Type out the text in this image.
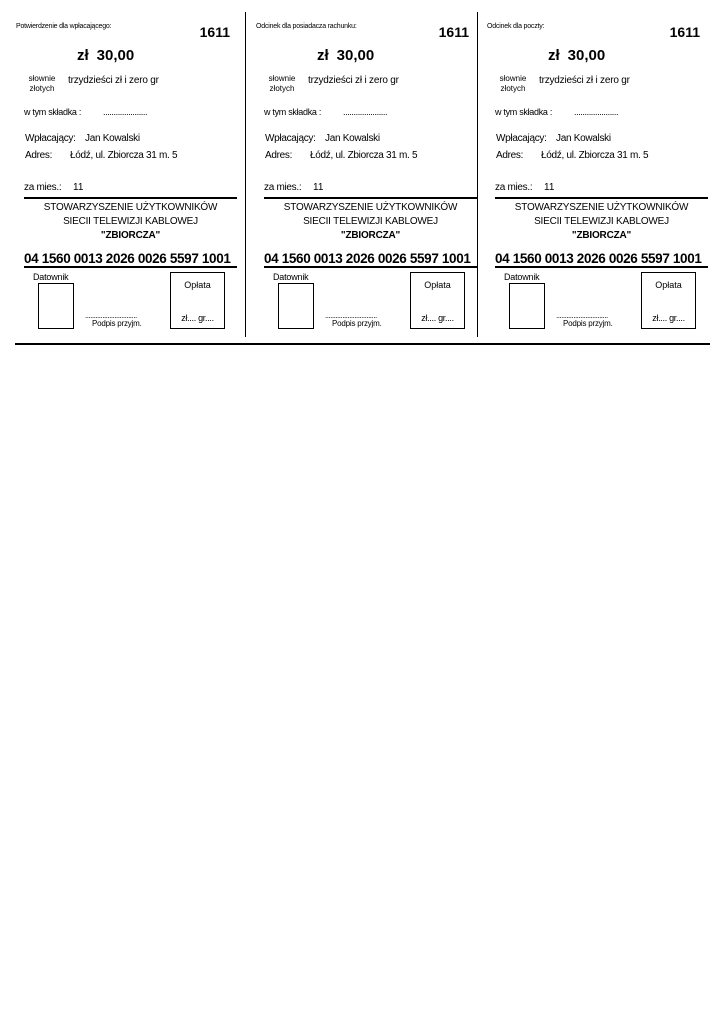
Potwierdzenie dla wpłacającego:	1611
zł 30,00
słownie złotych
trzydzieści zł i zero gr
w tym składka : .....................
Wpłacający: Jan Kowalski
Adres: Łódź, ul. Zbiorcza 31 m. 5
za mies.: 11
STOWARZYSZENIE UŻYTKOWNIKÓW
SIECII TELEWIZJI KABLOWEJ
"ZBIORCZA"
04 1560 0013 2026 0026 5597 1001
Datownik
..............................
Podpis przyjm.
Opłata
zł.... gr....
Odcinek dla posiadacza rachunku:	1611
zł 30,00
słownie złotych
trzydzieści zł i zero gr
w tym składka : .....................
Wpłacający: Jan Kowalski
Adres: Łódź, ul. Zbiorcza 31 m. 5
za mies.: 11
STOWARZYSZENIE UŻYTKOWNIKÓW
SIECII TELEWIZJI KABLOWEJ
"ZBIORCZA"
04 1560 0013 2026 0026 5597 1001
Datownik
..............................
Podpis przyjm.
Opłata
zł.... gr....
Odcinek dla poczty:	1611
zł 30,00
słownie złotych
trzydzieści zł i zero gr
w tym składka : .....................
Wpłacający: Jan Kowalski
Adres: Łódź, ul. Zbiorcza 31 m. 5
za mies.: 11
STOWARZYSZENIE UŻYTKOWNIKÓW
SIECII TELEWIZJI KABLOWEJ
"ZBIORCZA"
04 1560 0013 2026 0026 5597 1001
Datownik
..............................
Podpis przyjm.
Opłata
zł.... gr....
